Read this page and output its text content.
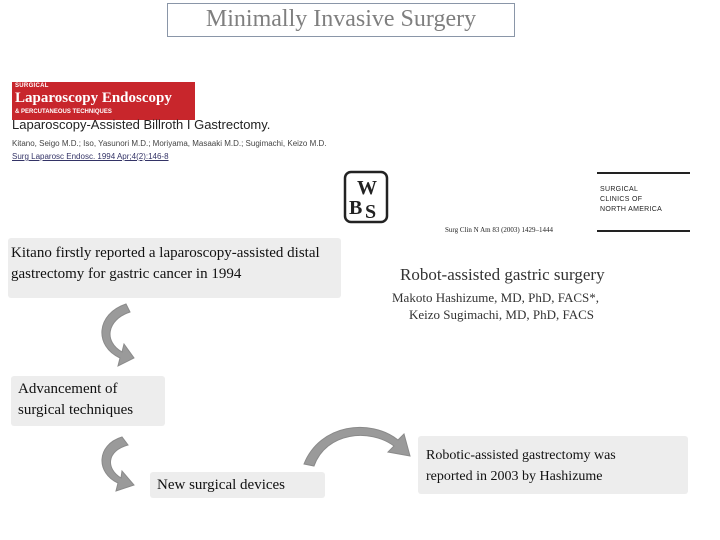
Minimally Invasive Surgery
SURGICAL
Laparoscopy Endoscopy
& PERCUTANEOUS TECHNIQUES
Laparoscopy-Assisted Billroth I Gastrectomy.
Kitano, Seigo M.D.; Iso, Yasunori M.D.; Moriyama, Masaaki M.D.; Sugimachi, Keizo M.D.
Surg Laparosc Endosc. 1994 Apr;4(2):146-8
W
B S
SURGICAL
CLINICS OF
NORTH AMERICA
Surg Clin N Am 83 (2003) 1429–1444
Robot-assisted gastric surgery
Makoto Hashizume, MD, PhD, FACS*,
Keizo Sugimachi, MD, PhD, FACS
Kitano firstly reported a laparoscopy-assisted distal gastrectomy for gastric cancer in 1994
Advancement of surgical techniques
New surgical devices
Robotic-assisted gastrectomy was
reported in 2003 by Hashizume
